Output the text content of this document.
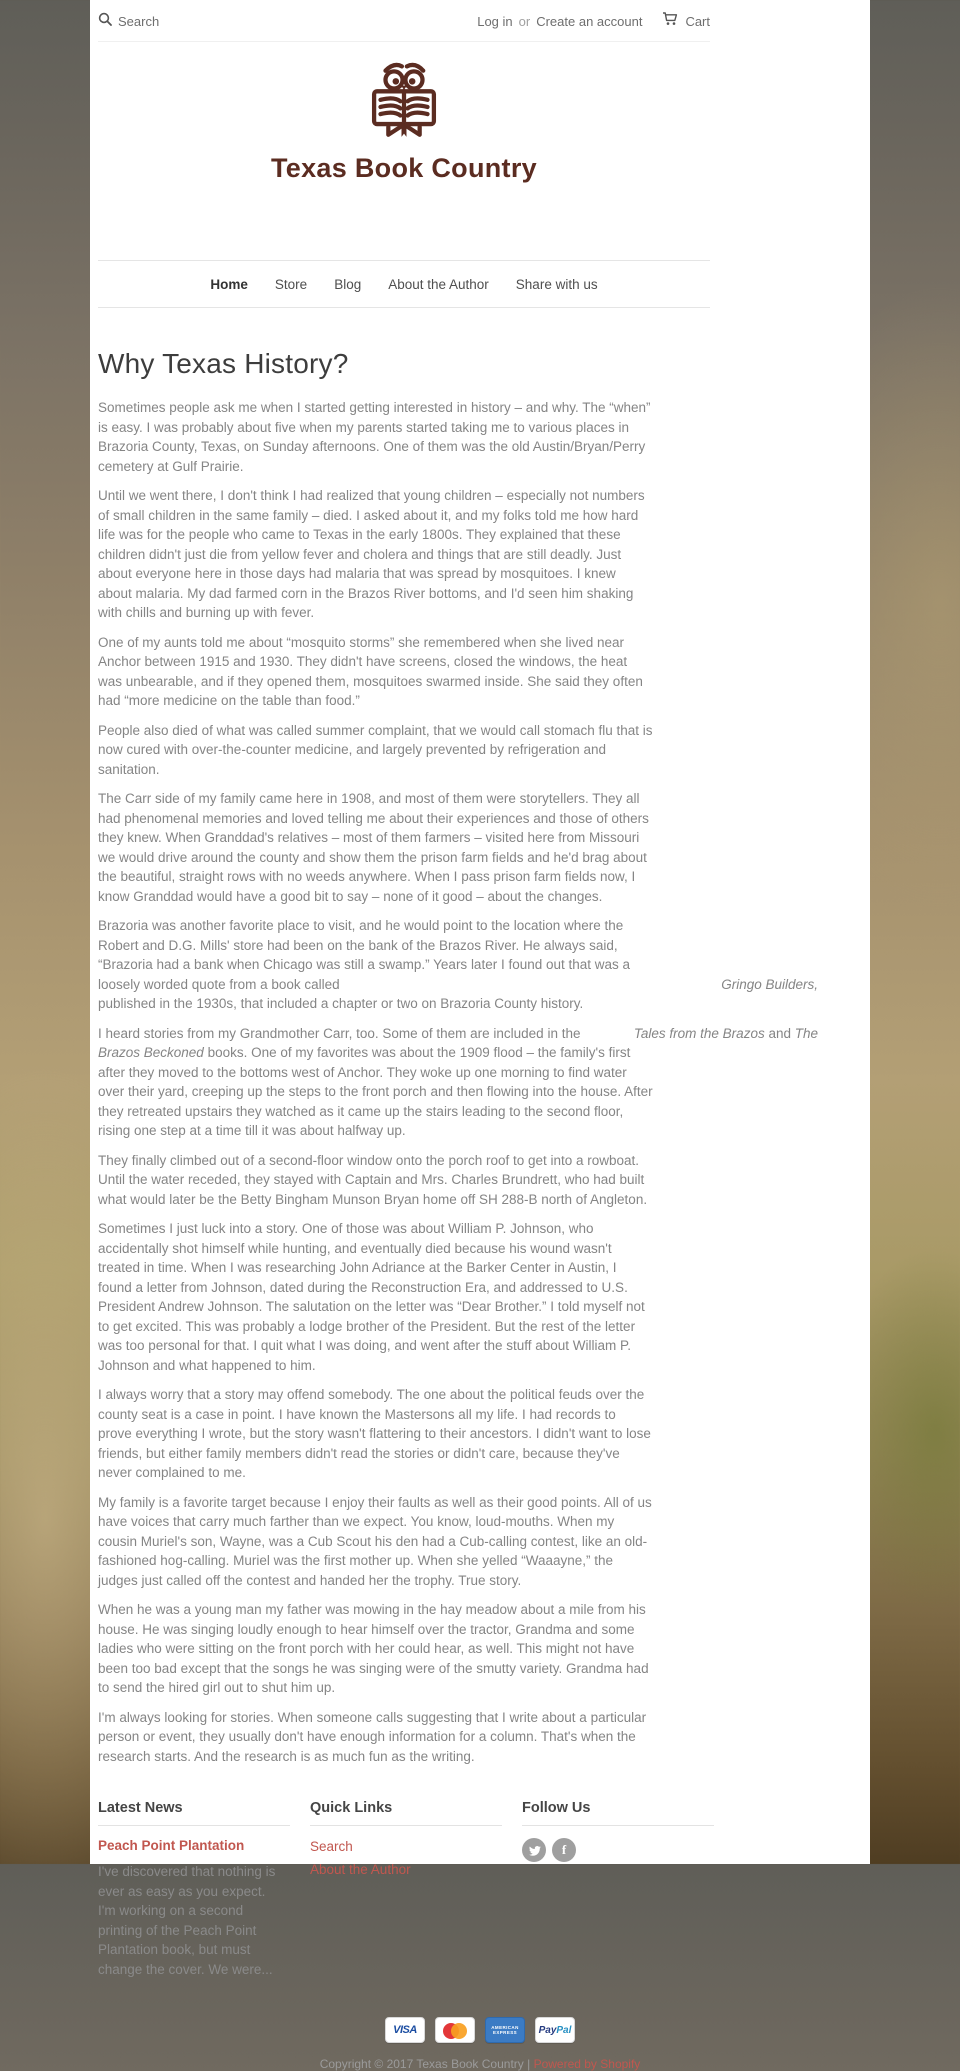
Search	Log in or Create an account	Cart
Texas Book Country
Home Store Blog About the Author Share with us
Why Texas History?

Sometimes people ask me when I started getting interested in history – and why. The “when” is easy. I was probably about five when my parents started taking me to various places in Brazoria County, Texas, on Sunday afternoons. One of them was the old Austin/Bryan/Perry cemetery at Gulf Prairie.

Until we went there, I don't think I had realized that young children – especially not numbers of small children in the same family – died. I asked about it, and my folks told me how hard life was for the people who came to Texas in the early 1800s. They explained that these children didn't just die from yellow fever and cholera and things that are still deadly. Just about everyone here in those days had malaria that was spread by mosquitoes. I knew about malaria. My dad farmed corn in the Brazos River bottoms, and I'd seen him shaking with chills and burning up with fever.

One of my aunts told me about “mosquito storms” she remembered when she lived near Anchor between 1915 and 1930. They didn't have screens, closed the windows, the heat was unbearable, and if they opened them, mosquitoes swarmed inside. She said they often had “more medicine on the table than food.”

People also died of what was called summer complaint, that we would call stomach flu that is now cured with over-the-counter medicine, and largely prevented by refrigeration and sanitation.

The Carr side of my family came here in 1908, and most of them were storytellers. They all had phenomenal memories and loved telling me about their experiences and those of others they knew. When Granddad's relatives – most of them farmers – visited here from Missouri we would drive around the county and show them the prison farm fields and he'd brag about the beautiful, straight rows with no weeds anywhere. When I pass prison farm fields now, I know Granddad would have a good bit to say – none of it good – about the changes.

Brazoria was another favorite place to visit, and he would point to the location where the Robert and D.G. Mills' store had been on the bank of the Brazos River. He always said, “Brazoria had a bank when Chicago was still a swamp.” Years later I found out that was a loosely worded quote from a book called	Gringo Builders,

published in the 1930s, that included a chapter or two on Brazoria County history.

I heard stories from my Grandmother Carr, too. Some of them are included in the	Tales from the Brazos and The

Brazos Beckoned books. One of my favorites was about the 1909 flood – the family's first after they moved to the bottoms west of Anchor. They woke up one morning to find water over their yard, creeping up the steps to the front porch and then flowing into the house. After they retreated upstairs they watched as it came up the stairs leading to the second floor, rising one step at a time till it was about halfway up.

They finally climbed out of a second-floor window onto the porch roof to get into a rowboat. Until the water receded, they stayed with Captain and Mrs. Charles Brundrett, who had built what would later be the Betty Bingham Munson Bryan home off SH 288-B north of Angleton.

Sometimes I just luck into a story. One of those was about William P. Johnson, who accidentally shot himself while hunting, and eventually died because his wound wasn't treated in time. When I was researching John Adriance at the Barker Center in Austin, I found a letter from Johnson, dated during the Reconstruction Era, and addressed to U.S. President Andrew Johnson. The salutation on the letter was “Dear Brother.” I told myself not to get excited. This was probably a lodge brother of the President. But the rest of the letter was too personal for that. I quit what I was doing, and went after the stuff about William P. Johnson and what happened to him.

I always worry that a story may offend somebody. The one about the political feuds over the county seat is a case in point. I have known the Mastersons all my life. I had records to prove everything I wrote, but the story wasn't flattering to their ancestors. I didn't want to lose friends, but either family members didn't read the stories or didn't care, because they've never complained to me.

My family is a favorite target because I enjoy their faults as well as their good points. All of us have voices that carry much farther than we expect. You know, loud-mouths. When my cousin Muriel's son, Wayne, was a Cub Scout his den had a Cub-calling contest, like an old-fashioned hog-calling. Muriel was the first mother up. When she yelled “Waaayne,” the judges just called off the contest and handed her the trophy. True story.

When he was a young man my father was mowing in the hay meadow about a mile from his house. He was singing loudly enough to hear himself over the tractor, Grandma and some ladies who were sitting on the front porch with her could hear, as well. This might not have been too bad except that the songs he was singing were of the smutty variety. Grandma had to send the hired girl out to shut him up.

I'm always looking for stories. When someone calls suggesting that I write about a particular person or event, they usually don't have enough information for a column. That's when the research starts. And the research is as much fun as the writing.

Latest News
Peach Point Plantation
I've discovered that nothing is ever as easy as you expect. I'm working on a second printing of the Peach Point Plantation book, but must change the cover. We were...
Quick Links
Search
About the Author
Follow Us
f
VISA	AMERICAN EXPRESS	Pay Pal
Copyright © 2017 Texas Book Country | Powered by Shopify
